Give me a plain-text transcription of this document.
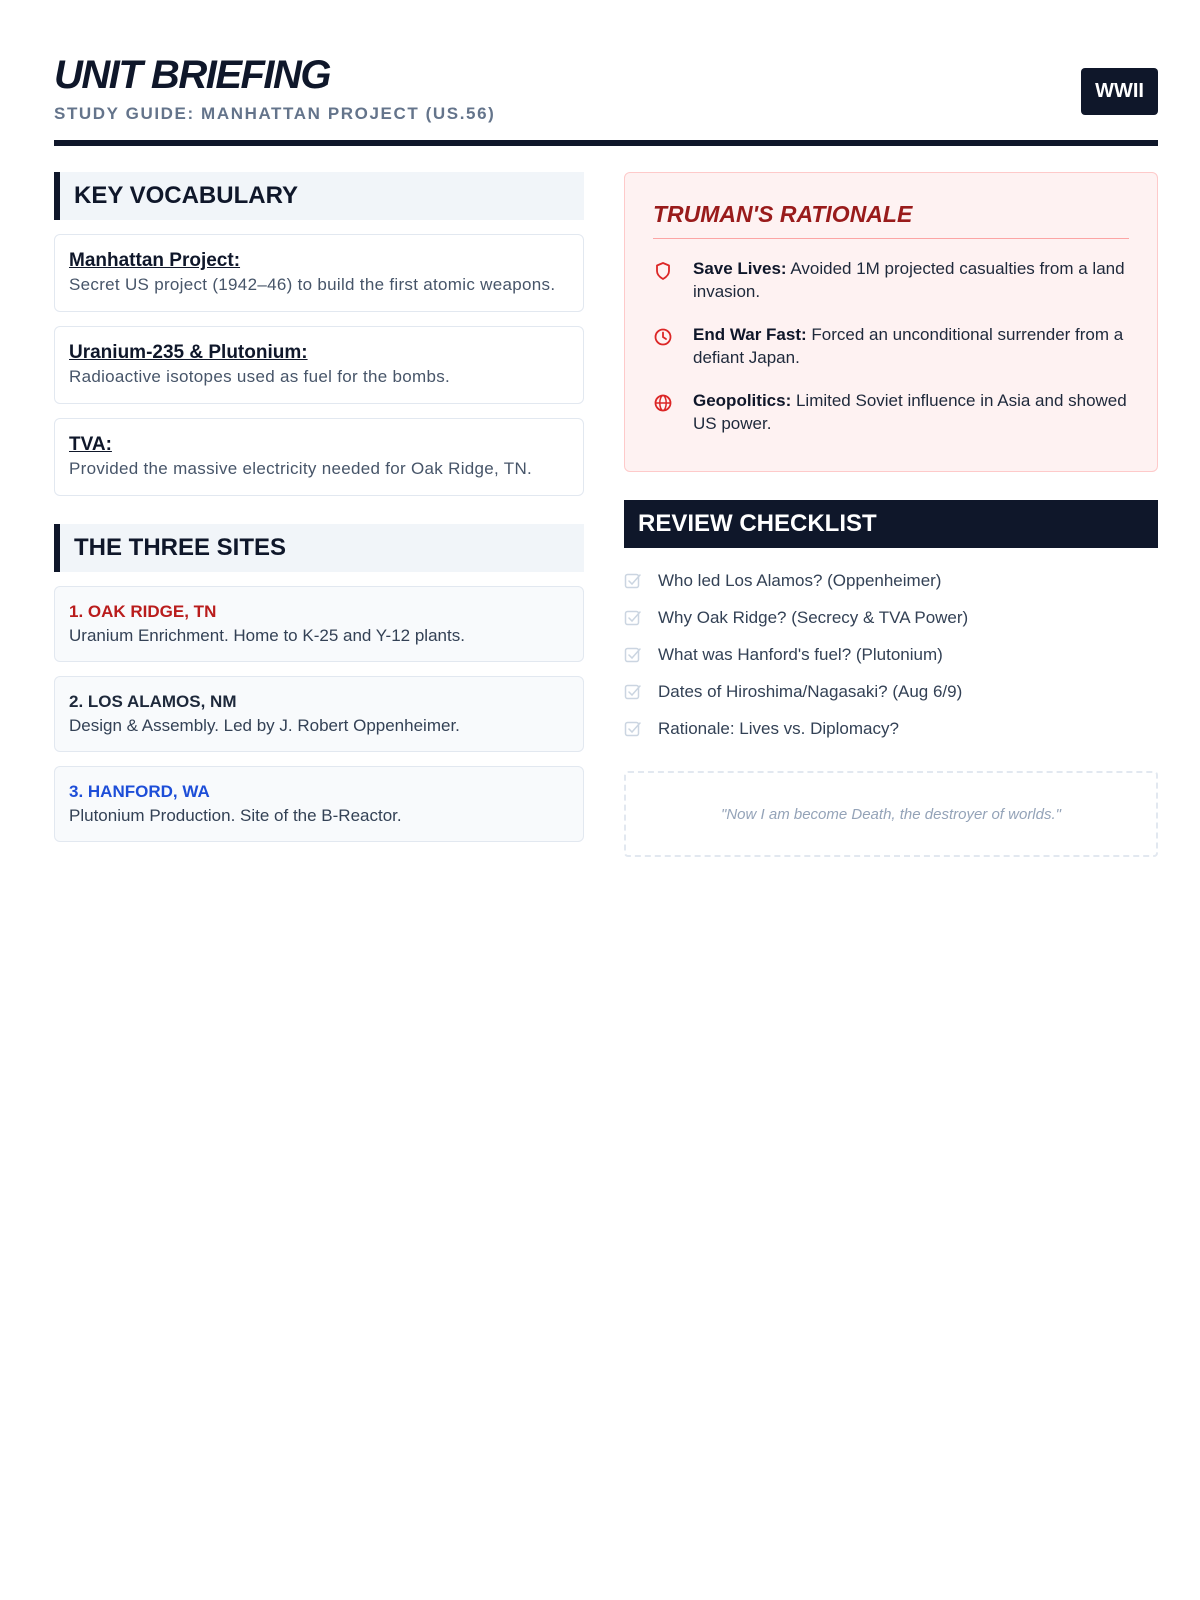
UNIT BRIEFING
STUDY GUIDE: MANHATTAN PROJECT (US.56)
WWII
KEY VOCABULARY
Manhattan Project:
Secret US project (1942–46) to build the first atomic weapons.
Uranium-235 & Plutonium:
Radioactive isotopes used as fuel for the bombs.
TVA:
Provided the massive electricity needed for Oak Ridge, TN.
THE THREE SITES
1. OAK RIDGE, TN
Uranium Enrichment. Home to K-25 and Y-12 plants.
2. LOS ALAMOS, NM
Design & Assembly. Led by J. Robert Oppenheimer.
3. HANFORD, WA
Plutonium Production. Site of the B-Reactor.
TRUMAN'S RATIONALE
Save Lives: Avoided 1M projected casualties from a land invasion.
End War Fast: Forced an unconditional surrender from a defiant Japan.
Geopolitics: Limited Soviet influence in Asia and showed US power.
REVIEW CHECKLIST
Who led Los Alamos? (Oppenheimer)
Why Oak Ridge? (Secrecy & TVA Power)
What was Hanford's fuel? (Plutonium)
Dates of Hiroshima/Nagasaki? (Aug 6/9)
Rationale: Lives vs. Diplomacy?
"Now I am become Death, the destroyer of worlds."
